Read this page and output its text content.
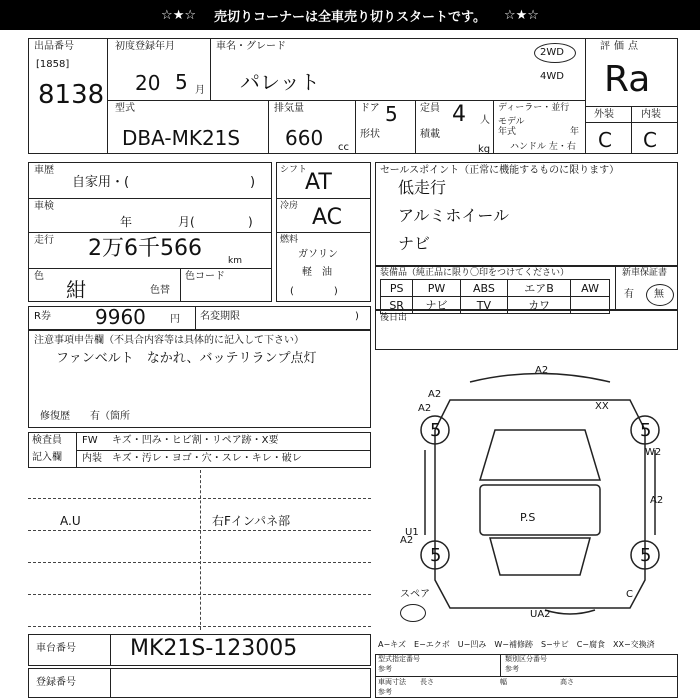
☆★☆ 売切りコーナーは全車売り切りスタートです。 ☆★☆
出品番号
[1858]
8138
初度登録年月
20 5 月
車名・グレード
パレット
2WD
4WD
評価点
Ra
外装	内装
C C
型式
DBA-MK21S
排気量
660 cc
ドア 5 定員 4 人
形状	積載
kg
ディーラー・並行
モデル
年式	年
ハンドル 左・右
車歴
自家用・(	)
車検
年	月(	)
走行 2万6千566	km
色
紺	色替
色コード
シフト
AT
冷房 AC
燃料
ガソリン
軽　油
(　　　　)
セールスポイント（正常に機能するものに限ります）
低走行
アルミホイール
ナビ
装備品（純正品に限り〇印をつけてください）
PS	PW	ABS	エアB	AW
SR	ナビ	TV	カワ	
新車保証書
有 無
R券 9960 円 名変期限	)
注意事項申告欄（不具合内容等は具体的に記入して下さい）
ファンベルト　なかれ、バッテリランプ点灯
修復歴　　有（箇所
後日出
検査員
記入欄
FW キズ・凹み・ヒビ割・リペア跡・X要
内装 キズ・汚レ・ヨゴ・穴・スレ・キレ・破レ
A.U	右Fインパネ部
A2
A2
XX
W2
A2
A2
U1
P.S
C
UA2
A2
5	5
5	5
スペア
A−キズ　E−エクボ　U−凹み　W−補修跡　S−サビ　C−腐食　XX−交換済
車台番号 MK21S-123005
登録番号
型式指定番号
参考
類別区分番号
参考
車両寸法 長さ	幅	高さ
参考
